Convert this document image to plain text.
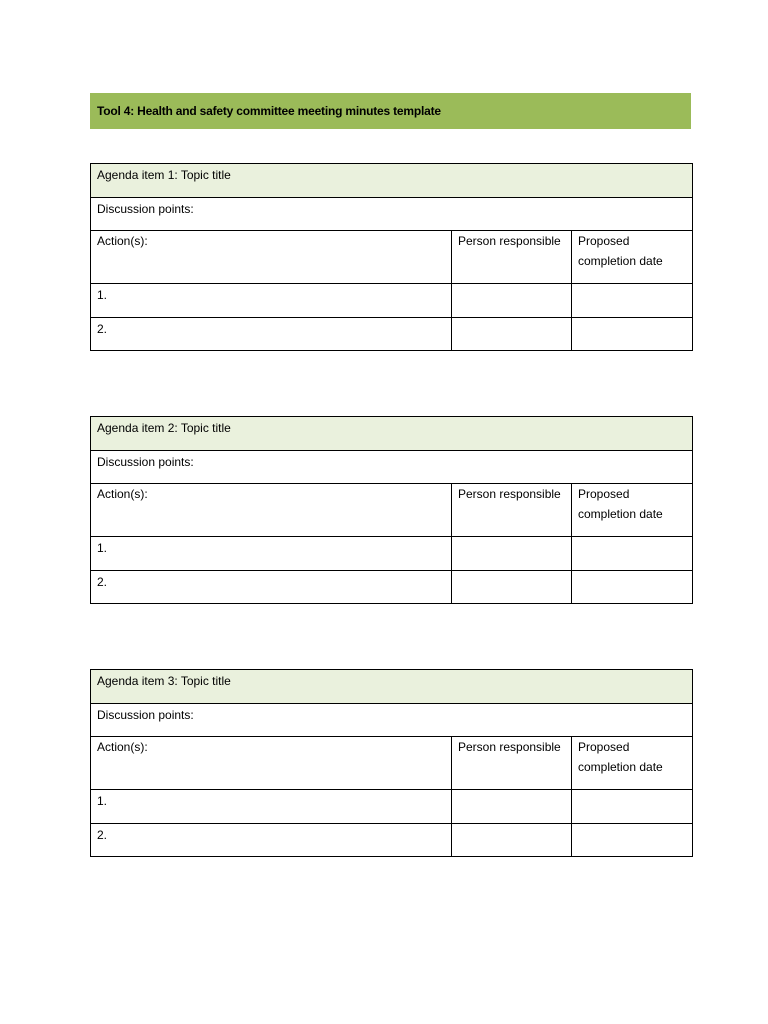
Tool 4: Health and safety committee meeting minutes template
Agenda item 1: Topic title		
Discussion points:		
Action(s):	Person responsible	Proposed completion date
1.		
2.		
Agenda item 2: Topic title		
Discussion points:		
Action(s):	Person responsible	Proposed completion date
1.		
2.		
Agenda item 3: Topic title		
Discussion points:		
Action(s):	Person responsible	Proposed completion date
1.		
2.		
